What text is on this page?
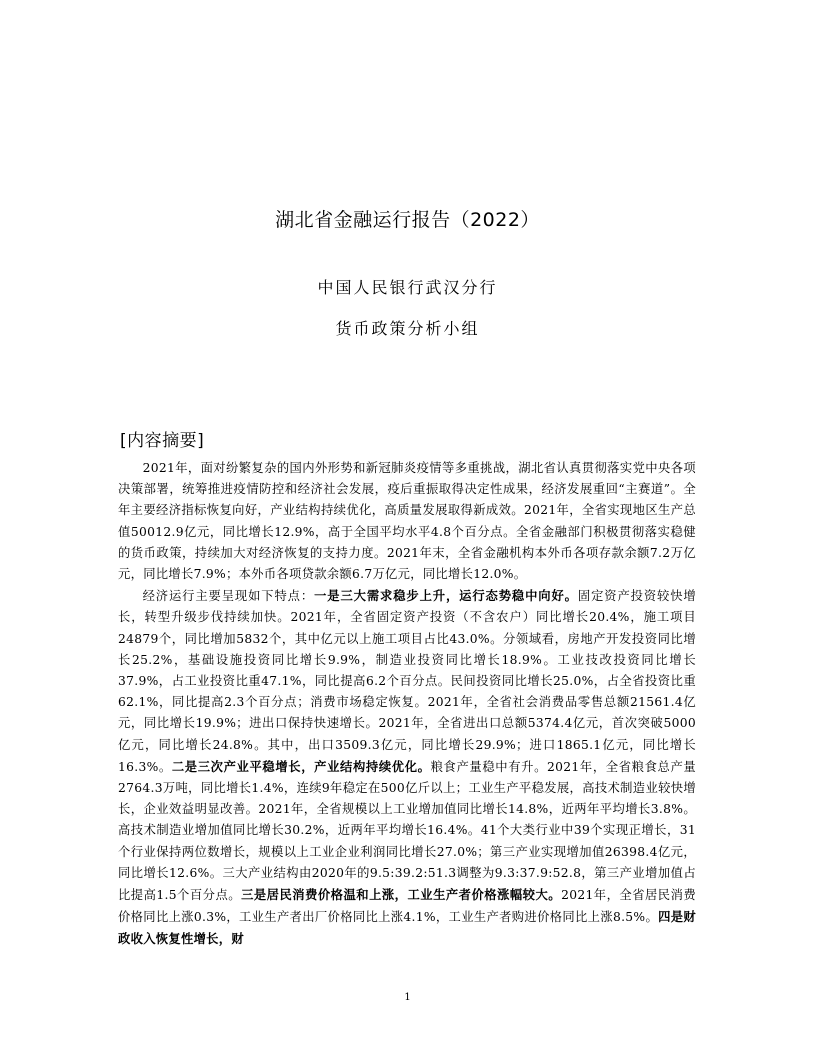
湖北省金融运行报告（2022）
中国人民银行武汉分行
货币政策分析小组
[内容摘要]

2021年，面对纷繁复杂的国内外形势和新冠肺炎疫情等多重挑战，湖北省认真贯彻落实党中央各项决策部署，统筹推进疫情防控和经济社会发展，疫后重振取得决定性成果，经济发展重回“主赛道”。全年主要经济指标恢复向好，产业结构持续优化，高质量发展取得新成效。2021年，全省实现地区生产总值50012.9亿元，同比增长12.9%，高于全国平均水平4.8个百分点。全省金融部门积极贯彻落实稳健的货币政策，持续加大对经济恢复的支持力度。2021年末，全省金融机构本外币各项存款余额7.2万亿元，同比增长7.9%；本外币各项贷款余额6.7万亿元，同比增长12.0%。

经济运行主要呈现如下特点：一是三大需求稳步上升，运行态势稳中向好。固定资产投资较快增长，转型升级步伐持续加快。2021年，全省固定资产投资（不含农户）同比增长20.4%，施工项目24879个，同比增加5832个，其中亿元以上施工项目占比43.0%。分领域看，房地产开发投资同比增长25.2%，基础设施投资同比增长9.9%，制造业投资同比增长18.9%。工业技改投资同比增长37.9%，占工业投资比重47.1%，同比提高6.2个百分点。民间投资同比增长25.0%，占全省投资比重62.1%，同比提高2.3个百分点；消费市场稳定恢复。2021年，全省社会消费品零售总额21561.4亿元，同比增长19.9%；进出口保持快速增长。2021年，全省进出口总额5374.4亿元，首次突破5000亿元，同比增长24.8%。其中，出口3509.3亿元，同比增长29.9%；进口1865.1亿元，同比增长16.3%。二是三次产业平稳增长，产业结构持续优化。粮食产量稳中有升。2021年，全省粮食总产量2764.3万吨，同比增长1.4%，连续9年稳定在500亿斤以上；工业生产平稳发展，高技术制造业较快增长，企业效益明显改善。2021年，全省规模以上工业增加值同比增长14.8%，近两年平均增长3.8%。高技术制造业增加值同比增长30.2%，近两年平均增长16.4%。41个大类行业中39个实现正增长，31个行业保持两位数增长，规模以上工业企业利润同比增长27.0%；第三产业实现增加值26398.4亿元，同比增长12.6%。三大产业结构由2020年的9.5:39.2:51.3调整为9.3:37.9:52.8，第三产业增加值占比提高1.5个百分点。三是居民消费价格温和上涨，工业生产者价格涨幅较大。2021年，全省居民消费价格同比上涨0.3%，工业生产者出厂价格同比上涨4.1%，工业生产者购进价格同比上涨8.5%。四是财政收入恢复性增长，财

1
